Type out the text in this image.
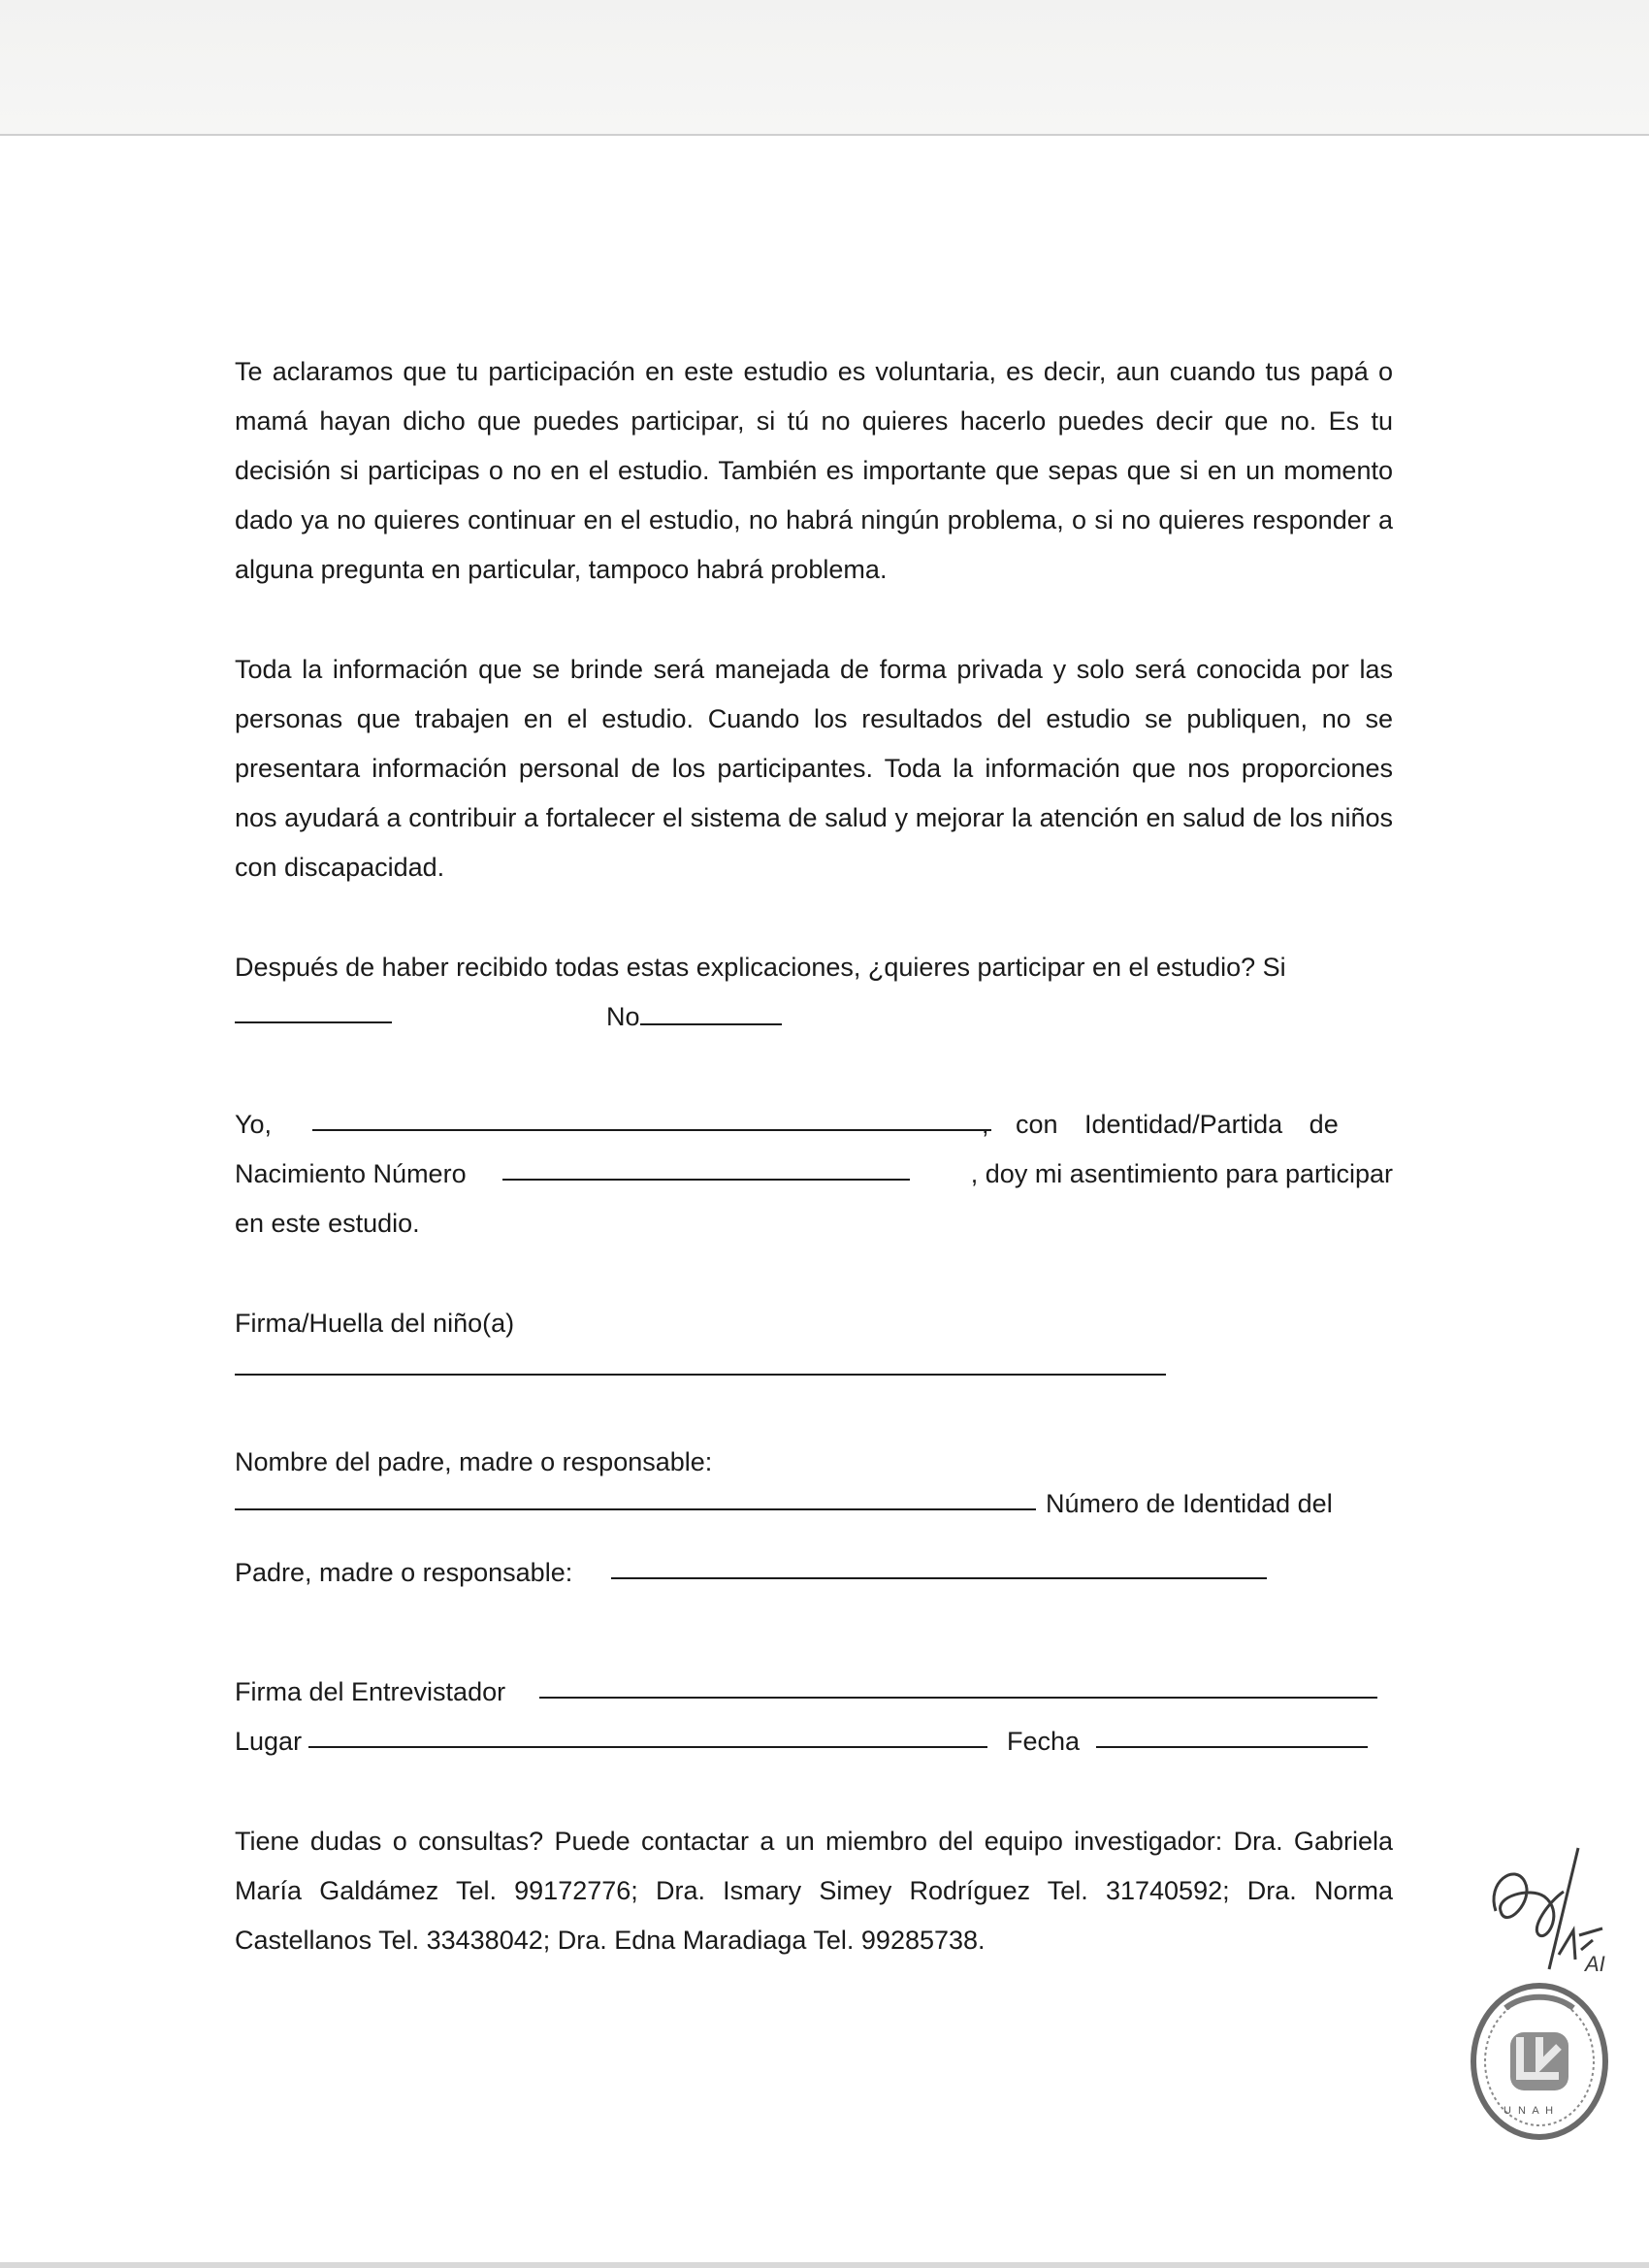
Te aclaramos que tu participación en este estudio es voluntaria, es decir, aun cuando tus papá o mamá hayan dicho que puedes participar, si tú no quieres hacerlo puedes decir que no. Es tu decisión si participas o no en el estudio. También es importante que sepas que si en un momento dado ya no quieres continuar en el estudio, no habrá ningún problema, o si no quieres responder a alguna pregunta en particular, tampoco habrá problema.

Toda la información que se brinde será manejada de forma privada y solo será conocida por las personas que trabajen en el estudio. Cuando los resultados del estudio se publiquen, no se presentara información personal de los participantes. Toda la información que nos proporciones nos ayudará a contribuir a fortalecer el sistema de salud y mejorar la atención en salud de los niños con discapacidad.

Después de haber recibido todas estas explicaciones, ¿quieres participar en el estudio? Si
No
Yo,	, con Identidad/Partida de
Nacimiento Número	, doy mi asentimiento para participar
en este estudio.
Firma/Huella del niño(a)
Nombre del padre, madre o responsable:
Número de Identidad del
Padre, madre o responsable:
Firma del Entrevistador
Lugar	Fecha

Tiene dudas o consultas? Puede contactar a un miembro del equipo investigador: Dra. Gabriela María Galdámez Tel. 99172776; Dra. Ismary Simey Rodríguez Tel. 31740592; Dra. Norma Castellanos Tel. 33438042; Dra. Edna Maradiaga Tel. 99285738.

U N A H
AI
